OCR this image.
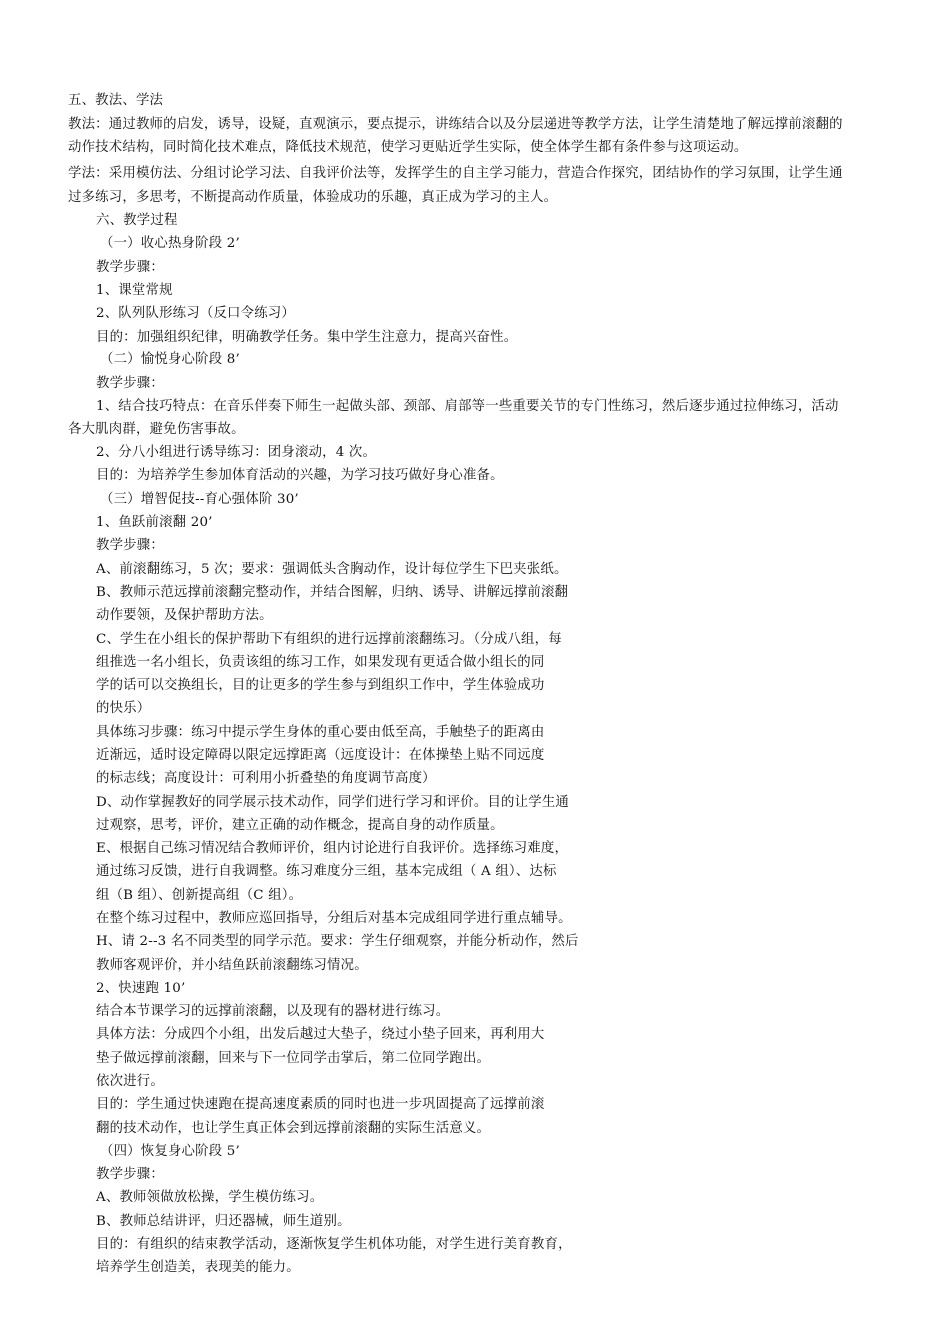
五、教法、学法
教法：通过教师的启发，诱导，设疑，直观演示，要点提示，讲练结合以及分层递进等教学方法，让学生清楚地了解远撑前滚翻的
动作技术结构，同时简化技术难点，降低技术规范，使学习更贴近学生实际，使全体学生都有条件参与这项运动。
学法：采用模仿法、分组讨论学习法、自我评价法等，发挥学生的自主学习能力，营造合作探究，团结协作的学习氛围，让学生通
过多练习，多思考，不断提高动作质量，体验成功的乐趣，真正成为学习的主人。
六、教学过程
（一）收心热身阶段 2’
教学步骤：
1、课堂常规
2、队列队形练习（反口令练习）
目的：加强组织纪律，明确教学任务。集中学生注意力，提高兴奋性。
（二）愉悦身心阶段 8’
教学步骤：
1、结合技巧特点：在音乐伴奏下师生一起做头部、颈部、肩部等一些重要关节的专门性练习，然后逐步通过拉伸练习，活动
各大肌肉群，避免伤害事故。
2、分八小组进行诱导练习：团身滚动，4 次。
目的：为培养学生参加体育活动的兴趣，为学习技巧做好身心准备。
（三）增智促技--育心强体阶 30’
1、鱼跃前滚翻 20’
教学步骤：
A、前滚翻练习，5 次；要求：强调低头含胸动作，设计每位学生下巴夹张纸。
B、教师示范远撑前滚翻完整动作，并结合图解，归纳、诱导、讲解远撑前滚翻
动作要领，及保护帮助方法。
C、学生在小组长的保护帮助下有组织的进行远撑前滚翻练习。（分成八组，每
组推选一名小组长，负责该组的练习工作，如果发现有更适合做小组长的同
学的话可以交换组长，目的让更多的学生参与到组织工作中，学生体验成功
的快乐）
具体练习步骤：练习中提示学生身体的重心要由低至高，手触垫子的距离由
近渐远，适时设定障碍以限定远撑距离（远度设计：在体操垫上贴不同远度
的标志线；高度设计：可利用小折叠垫的角度调节高度）
D、动作掌握教好的同学展示技术动作，同学们进行学习和评价。目的让学生通
过观察，思考，评价，建立正确的动作概念，提高自身的动作质量。
E、根据自己练习情况结合教师评价，组内讨论进行自我评价。选择练习难度，
通过练习反馈，进行自我调整。练习难度分三组，基本完成组（ A 组）、达标
组（B 组）、创新提高组（C 组）。
在整个练习过程中，教师应巡回指导，分组后对基本完成组同学进行重点辅导。
H、请 2--3 名不同类型的同学示范。要求：学生仔细观察，并能分析动作，然后
教师客观评价，并小结鱼跃前滚翻练习情况。
2、快速跑 10’
结合本节课学习的远撑前滚翻，以及现有的器材进行练习。
具体方法：分成四个小组，出发后越过大垫子，绕过小垫子回来，再利用大
垫子做远撑前滚翻，回来与下一位同学击掌后，第二位同学跑出。
依次进行。
目的：学生通过快速跑在提高速度素质的同时也进一步巩固提高了远撑前滚
翻的技术动作，也让学生真正体会到远撑前滚翻的实际生活意义。
（四）恢复身心阶段 5’
教学步骤：
A、教师领做放松操，学生模仿练习。
B、教师总结讲评，归还器械，师生道别。
目的：有组织的结束教学活动，逐渐恢复学生机体功能，对学生进行美育教育，
培养学生创造美，表现美的能力。
